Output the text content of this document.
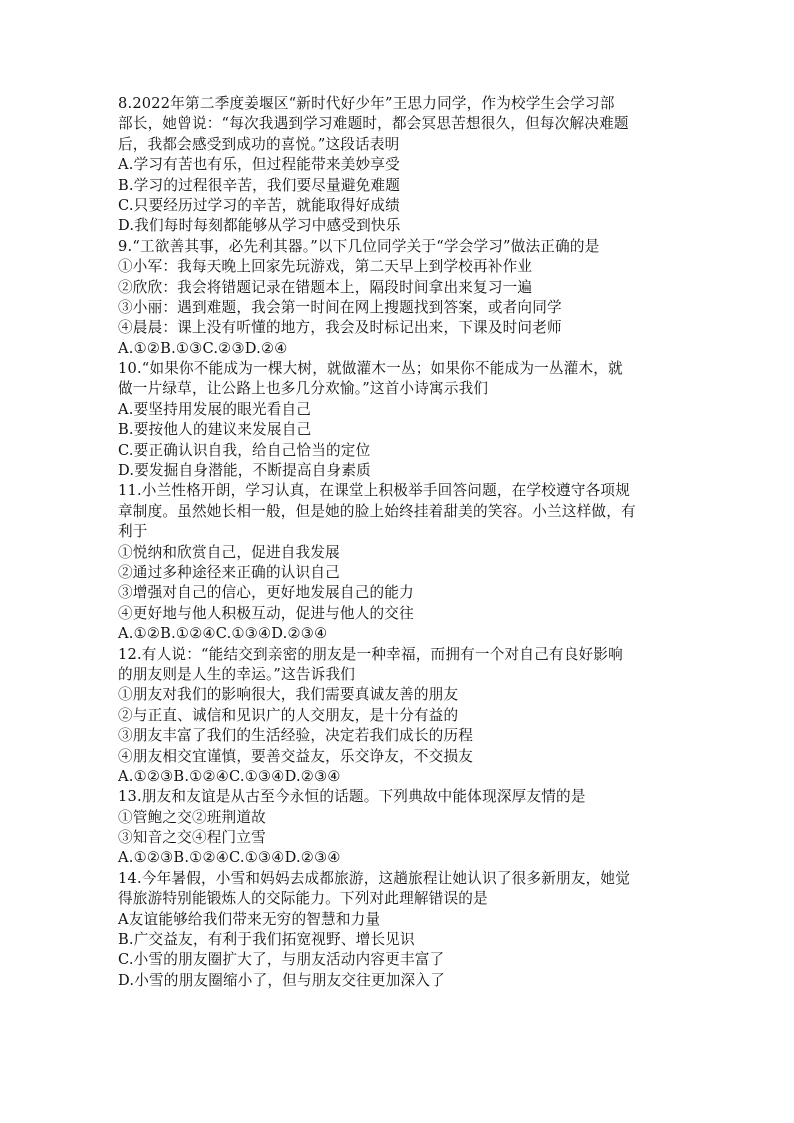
8.2022年第二季度姜堰区“新时代好少年”王思力同学，作为校学生会学习部
部长，她曾说：“每次我遇到学习难题时，都会冥思苦想很久，但每次解决难题
后，我都会感受到成功的喜悦。”这段话表明
A.学习有苦也有乐，但过程能带来美妙享受
B.学习的过程很辛苦，我们要尽量避免难题
C.只要经历过学习的辛苦，就能取得好成绩
D.我们每时每刻都能够从学习中感受到快乐
9.“工欲善其事，必先利其器。”以下几位同学关于“学会学习”做法正确的是
①小军：我每天晚上回家先玩游戏，第二天早上到学校再补作业
②欣欣：我会将错题记录在错题本上，隔段时间拿出来复习一遍
③小丽：遇到难题，我会第一时间在网上搜题找到答案，或者向同学
④晨晨：课上没有听懂的地方，我会及时标记出来，下课及时问老师
A.①②B.①③C.②③D.②④
10.“如果你不能成为一棵大树，就做灌木一丛；如果你不能成为一丛灌木，就
做一片绿草，让公路上也多几分欢愉。”这首小诗寓示我们
A.要坚持用发展的眼光看自己
B.要按他人的建议来发展自己
C.要正确认识自我，给自己恰当的定位
D.要发掘自身潜能，不断提高自身素质
11.小兰性格开朗，学习认真，在课堂上积极举手回答问题，在学校遵守各项规
章制度。虽然她长相一般，但是她的脸上始终挂着甜美的笑容。小兰这样做，有
利于
①悦纳和欣赏自己，促进自我发展
②通过多种途径来正确的认识自己
③增强对自己的信心，更好地发展自己的能力
④更好地与他人积极互动，促进与他人的交往
A.①②B.①②④C.①③④D.②③④
12.有人说：“能结交到亲密的朋友是一种幸福，而拥有一个对自己有良好影响
的朋友则是人生的幸运。”这告诉我们
①朋友对我们的影响很大，我们需要真诚友善的朋友
②与正直、诚信和见识广的人交朋友，是十分有益的
③朋友丰富了我们的生活经验，决定若我们成长的历程
④朋友相交宜谨慎，要善交益友，乐交诤友，不交损友
A.①②③B.①②④C.①③④D.②③④
13.朋友和友谊是从古至今永恒的话题。下列典故中能体现深厚友情的是
①管鲍之交②班荆道故
③知音之交④程门立雪
A.①②③B.①②④C.①③④D.②③④
14.今年暑假，小雪和妈妈去成都旅游，这趟旅程让她认识了很多新朋友，她觉
得旅游特别能锻炼人的交际能力。下列对此理解错误的是
A友谊能够给我们带来无穷的智慧和力量
B.广交益友，有利于我们拓宽视野、增长见识
C.小雪的朋友圈扩大了，与朋友活动内容更丰富了
D.小雪的朋友圈缩小了，但与朋友交往更加深入了
